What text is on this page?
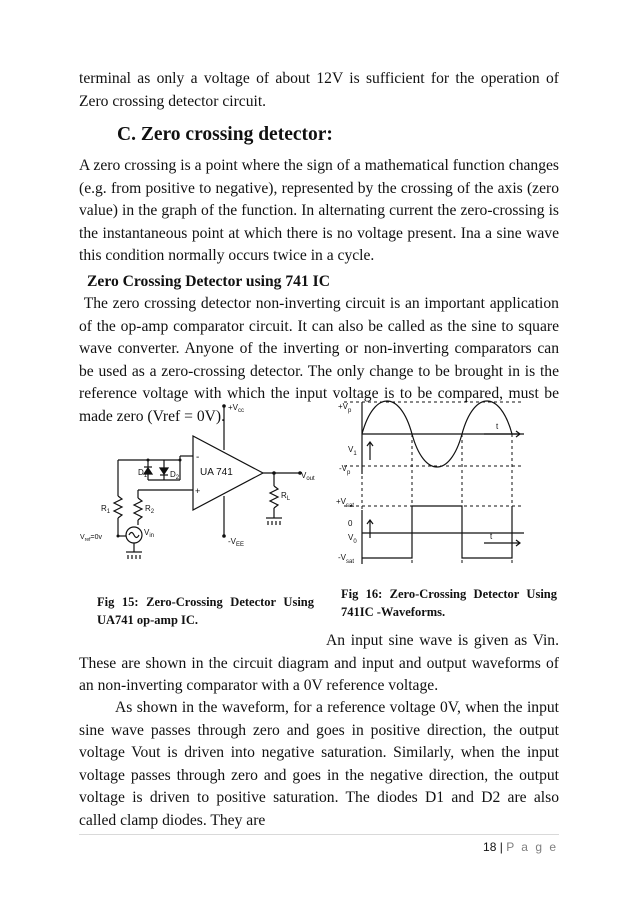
terminal as only a voltage of about 12V is sufficient for the operation of Zero crossing detector circuit.

C. Zero crossing detector:

A zero crossing is a point where the sign of a mathematical function changes (e.g. from positive to negative), represented by the crossing of the axis (zero value) in the graph of the function. In alternating current the zero-crossing is the instantaneous point at which there is no voltage present. Ina a sine wave this condition normally occurs twice in a cycle.

Zero Crossing Detector using 741 IC

The zero crossing detector non-inverting circuit is an important application of the op-amp comparator circuit. It can also be called as the sine to square wave converter. Anyone of the inverting or non-inverting comparators can be used as a zero-crossing detector. The only change to be brought in is the reference voltage with which the input voltage is to be compared, must be made zero (Vref = 0V). $+V_{cc}$
UA 741
-
+
$D_1$	$D_2$	$V_{out}$
$R_L$
$R_1$	$R_2$
$V_{ref}=0v$
$V_{in}$
$-V_{EE}$
$+V_p$
$-V_p$
$V_1$
t
$+V_{sat}$
0
$V_0$
t
$-V_{sat}$

Fig 15: Zero-Crossing Detector Using UA741 op-amp IC.

Fig 16: Zero-Crossing Detector Using 741IC -Waveforms.

An input sine wave is given as Vin. These are shown in the circuit diagram and input and output waveforms of an non-inverting comparator with a 0V reference voltage.

As shown in the waveform, for a reference voltage 0V, when the input sine wave passes through zero and goes in positive direction, the output voltage Vout is driven into negative saturation. Similarly, when the input voltage passes through zero and goes in the negative direction, the output voltage is driven to positive saturation. The diodes D1 and D2 are also called clamp diodes. They are

18 | P a g e
